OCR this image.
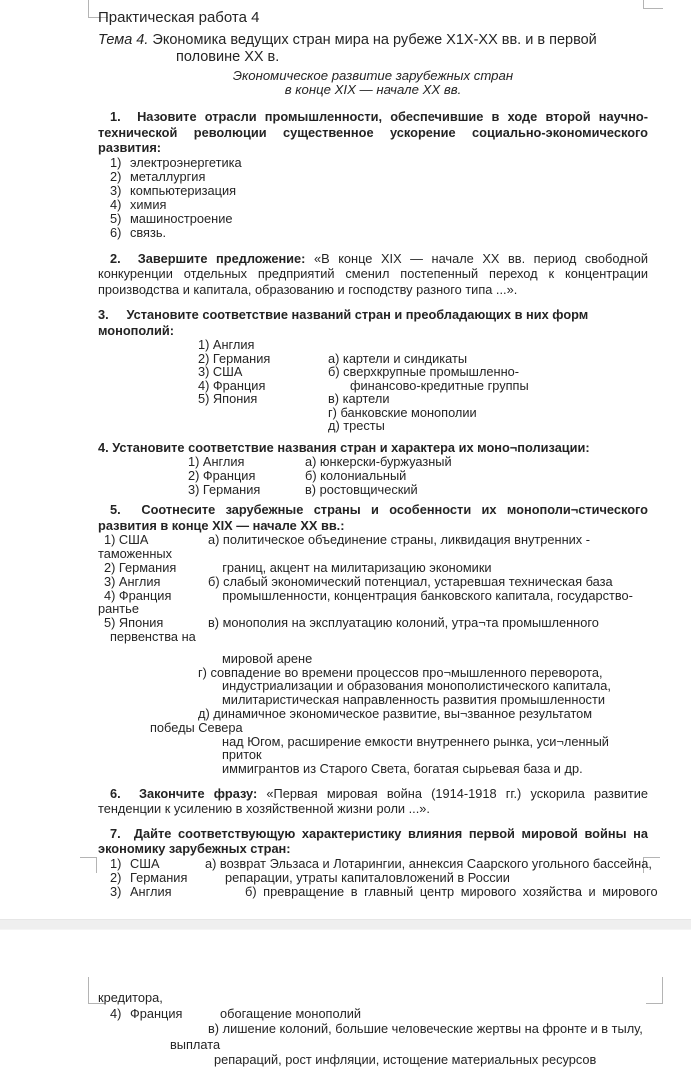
Практическая работа 4
Тема 4. Экономика ведущих стран мира на рубеже X1X-XX вв. и в первой
половине XX в.
Экономическое развитие зарубежных стран
в конце XIX — начале XX вв.
1.  Назовите отрасли промышленности, обеспечившие в ходе второй научно-технической революции существенное ускорение социально-экономического развития:
1) электроэнергетика
2) металлургия
3) компьютеризация
4) химия
5) машиностроение
6) связь.
2.  Завершите предложение: «В конце XIX — начале XX вв. период свободной конкуренции отдельных предприятий сменил постепенный переход к концентрации производства и капитала, образованию и господству разного типа ...».
3.     Установите соответствие названий стран и преобладающих в них форм монополий:
1) Англия
2) Германия	а) картели и синдикаты
3) США	б) сверхкрупные промышленно-
4) Франция	финансово-кредитные группы
5) Япония	в) картели
г) банковские монополии
д) тресты
4. Установите соответствие названия стран и характера их моно¬полизации:
1) Англия	а) юнкерски-буржуазный
2) Франция	б) колониальный
3) Германия	в) ростовщический
5.  Соотнесите зарубежные страны и особенности их монополи¬стического развития в конце XIX — начале XX вв.:
1) США	а) политическое объединение страны, ликвидация внутренних -
таможенных
2) Германия	границ, акцент на милитаризацию экономики
3) Англия	б) слабый экономический потенциал, устаревшая техническая база
4) Франция	промышленности, концентрация банковского капитала, государство-
рантье
5) Япония	в) монополия на эксплуатацию колоний, утра¬та промышленного
первенства на
мировой арене
г) совпадение во времени процессов про¬мышленного переворота,
индустриализации и образования монополистического капитала,
милитаристическая направленность развития промышленности
д) динамичное экономическое развитие, вы¬званное результатом
победы Севера
над Югом, расширение емкости внутреннего рынка, уси¬ленный приток
иммигрантов из Старого Света, богатая сырьевая база и др.
6.  Закончите фразу: «Первая мировая война (1914-1918 гг.) ускорила развитие тенденции к усилению в хозяйственной жизни роли ...».
7.  Дайте соответствующую характеристику влияния первой мировой войны на экономику зарубежных стран:
1) США	а) возврат Эльзаса и Лотарингии, аннексия Саарского угольного бассейна,
2) Германия	репарации, утраты капиталовложений в России
3) Англия	б) превращение в главный центр мирового хозяйства и мирового
кредитора,
4) Франция	обогащение монополий
в) лишение колоний, большие человеческие жертвы на фронте и в тылу,
выплата
репараций, рост инфляции, истощение материальных ресурсов
